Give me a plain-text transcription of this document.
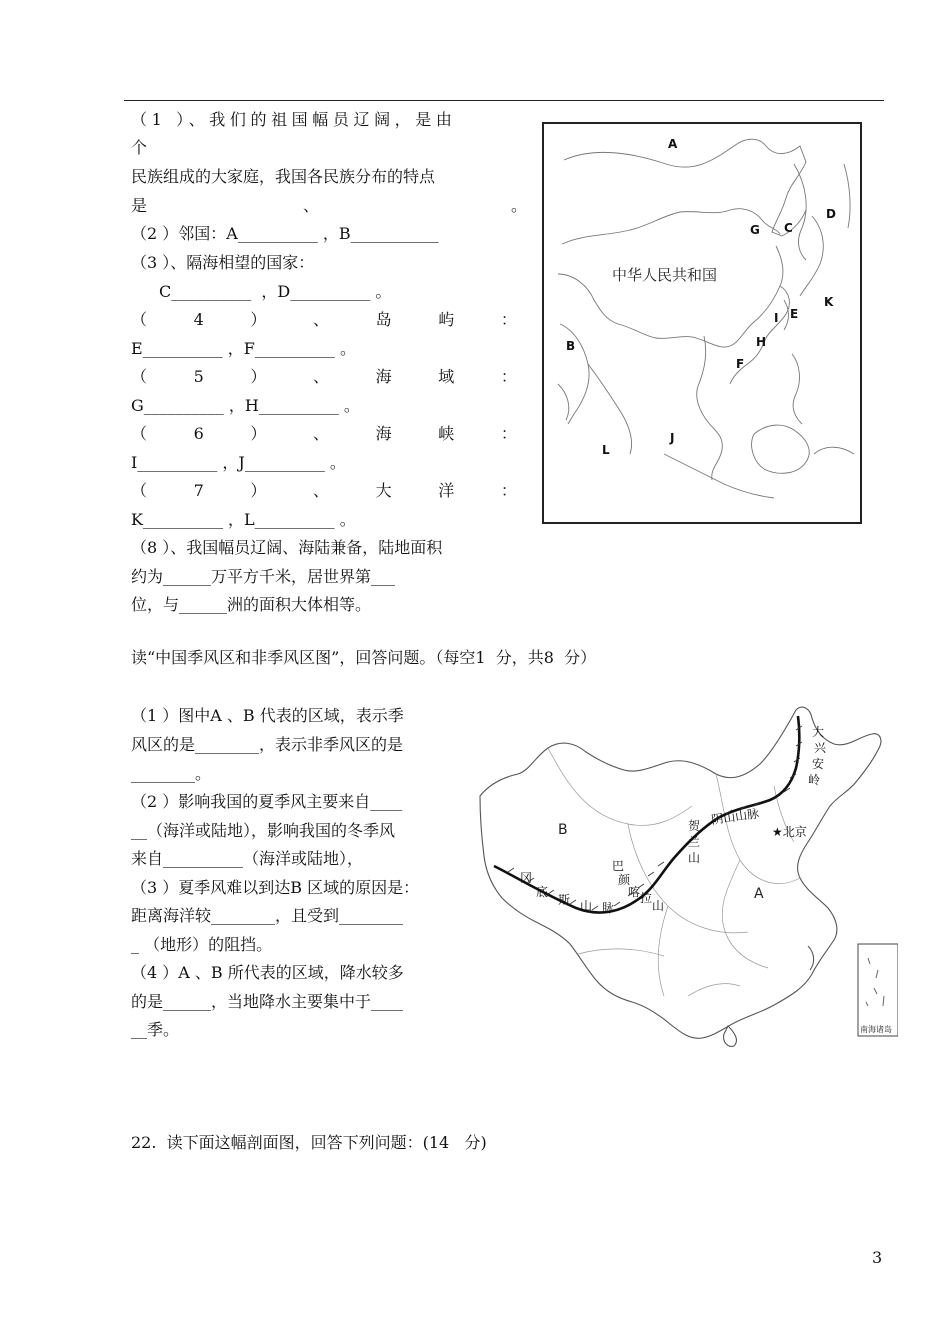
（1 ）、我们的祖国幅员辽阔，是由
个
民族组成的大家庭，我国各民族分布的特点
是	、	。
（2 ）邻国：A__________ ，B___________
（3 ）、隔海相望的国家：
C__________  ，D__________ 。
（	4	）	、	岛	屿	：
E__________ ，F__________ 。
（	5	）	、	海	域	：
G__________ ，H__________ 。
（	6	）	、	海	峡	：
I__________ ，J__________ 。
（	7	）	、	大	洋	：
K__________ ，L__________ 。
（8 ）、我国幅员辽阔、海陆兼备，陆地面积
约为______万平方千米，居世界第___
位，与______洲的面积大体相等。
A
B
C
D
E
F
G
H
I
J
L
K
中华人民共和国
读“中国季风区和非季风区图”，回答问题。（每空1  分，共8  分）
（1 ）图中A 、B 代表的区域，表示季
风区的是________，表示非季风区的是
________。
（2 ）影响我国的夏季风主要来自____
__（海洋或陆地），影响我国的冬季风
来自__________（海洋或陆地），
（3 ）夏季风难以到达B 区域的原因是：
距离海洋较________，且受到________
_ （地形）的阻挡。
（4 ）A 、B 所代表的区域，降水较多
的是______，当地降水主要集中于____
__季。
B
A
大
兴
安
岭
阴山山脉
贺
兰
山
巴
颜
喀 拉
山
冈
底
斯 山 脉
★北京
南海诸岛
22.  读下面这幅剖面图，回答下列问题：(14   分)
3
